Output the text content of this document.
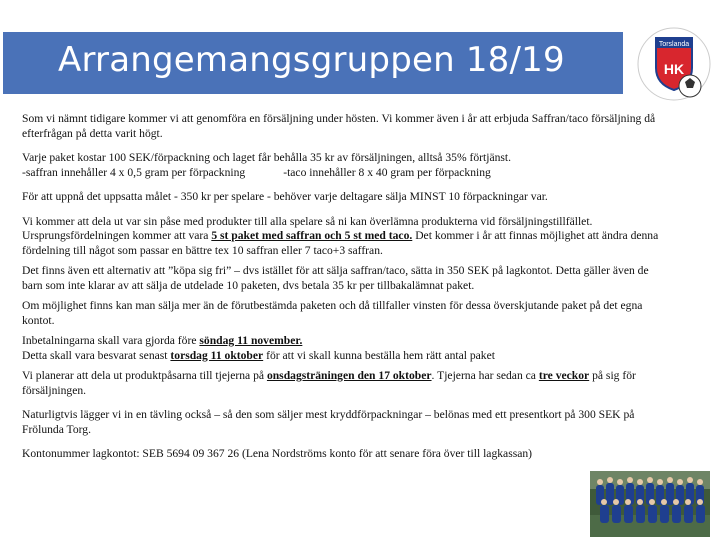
Arrangemangsgruppen 18/19	Torslanda
HK

Som vi nämnt tidigare kommer vi att genomföra en försäljning under hösten. Vi kommer även i år att erbjuda Saffran/taco försäljning då efterfrågan på detta varit högt.

Varje paket kostar 100 SEK/förpackning och laget får behålla 35 kr av försäljningen, alltså 35% förtjänst.
-saffran innehåller 4 x 0,5 gram per förpackning	-taco innehåller 8 x 40 gram per förpackning

För att uppnå det uppsatta målet - 350 kr per spelare - behöver varje deltagare sälja MINST 10 förpackningar var.

Vi kommer att dela ut var sin påse med produkter till alla spelare så ni kan överlämna produkterna vid försäljningstillfället. Ursprungsfördelningen kommer att vara 5 st paket med saffran och 5 st med taco. Det kommer i år att finnas möjlighet att ändra denna fördelning till något som passar en bättre tex 10 saffran eller 7 taco+3 saffran.

Det finns även ett alternativ att ”köpa sig fri” – dvs istället för att sälja saffran/taco, sätta in 350 SEK på lagkontot. Detta gäller även de barn som inte klarar av att sälja de utdelade 10 paketen, dvs betala 35 kr per tillbakalämnat paket.

Om möjlighet finns kan man sälja mer än de förutbestämda paketen och då tillfaller vinsten för dessa överskjutande paket på det egna kontot.

Inbetalningarna skall vara gjorda före söndag 11 november.
Detta skall vara besvarat senast torsdag 11 oktober för att vi skall kunna beställa hem rätt antal paket

Vi planerar att dela ut produktpåsarna till tjejerna på onsdagsträningen den 17 oktober. Tjejerna har sedan ca tre veckor på sig för försäljningen.

Naturligtvis lägger vi in en tävling också – så den som säljer mest kryddförpackningar – belönas med ett presentkort på 300 SEK på Frölunda Torg.

Kontonummer lagkontot: SEB 5694 09 367 26 (Lena Nordströms konto för att senare föra över till lagkassan)
